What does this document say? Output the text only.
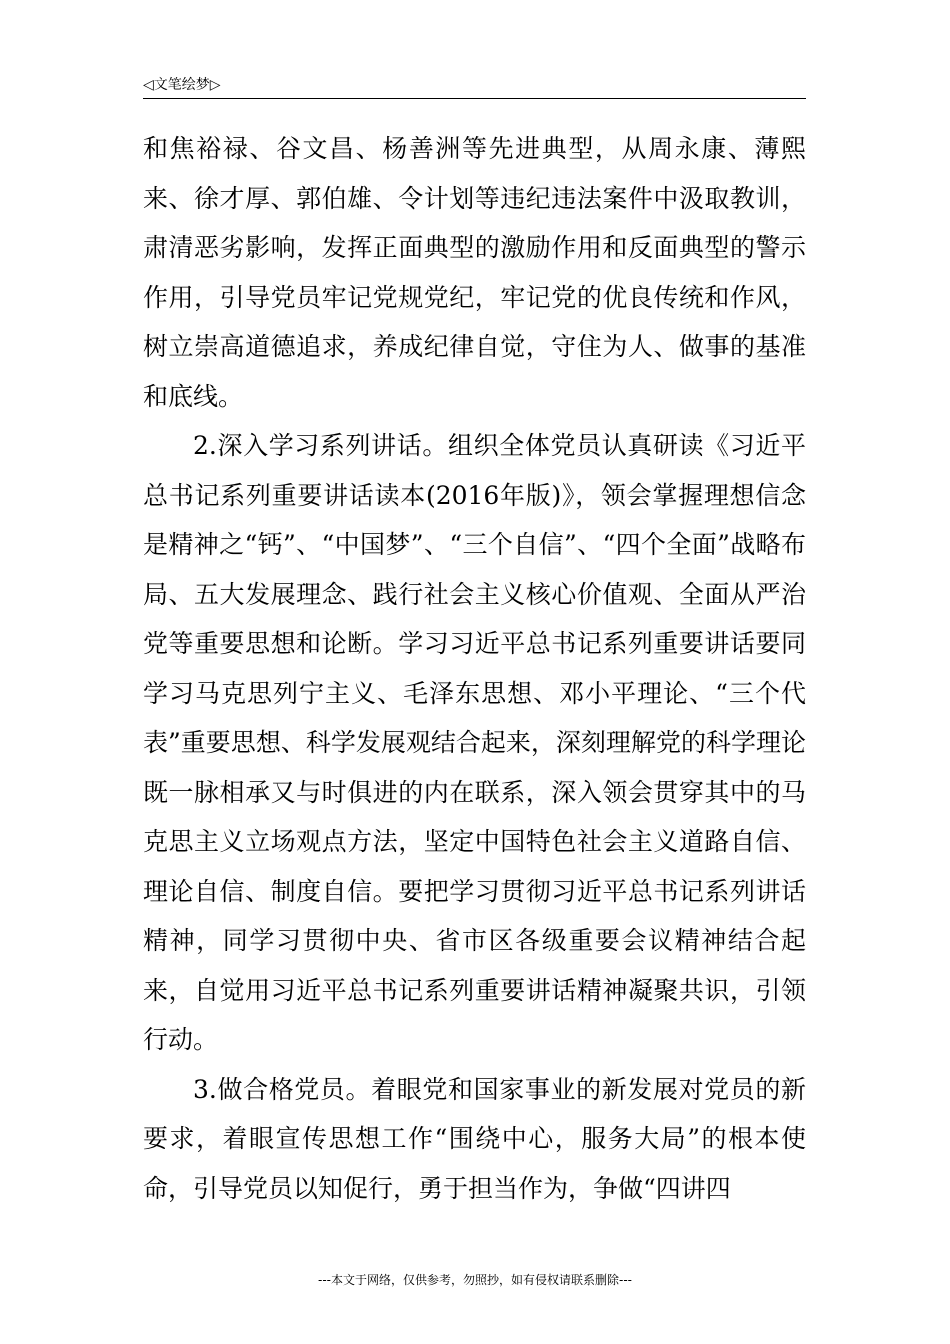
◁文笔绘梦▷

和焦裕禄、谷文昌、杨善洲等先进典型，从周永康、薄熙来、徐才厚、郭伯雄、令计划等违纪违法案件中汲取教训，肃清恶劣影响，发挥正面典型的激励作用和反面典型的警示作用，引导党员牢记党规党纪，牢记党的优良传统和作风，树立崇高道德追求，养成纪律自觉，守住为人、做事的基准和底线。

2.深入学习系列讲话。组织全体党员认真研读《习近平总书记系列重要讲话读本(2016年版)》，领会掌握理想信念是精神之“钙”、“中国梦”、“三个自信”、“四个全面”战略布局、五大发展理念、践行社会主义核心价值观、全面从严治党等重要思想和论断。学习习近平总书记系列重要讲话要同学习马克思列宁主义、毛泽东思想、邓小平理论、“三个代表”重要思想、科学发展观结合起来，深刻理解党的科学理论既一脉相承又与时俱进的内在联系，深入领会贯穿其中的马克思主义立场观点方法，坚定中国特色社会主义道路自信、理论自信、制度自信。要把学习贯彻习近平总书记系列讲话精神，同学习贯彻中央、省市区各级重要会议精神结合起来，自觉用习近平总书记系列重要讲话精神凝聚共识，引领行动。

3.做合格党员。着眼党和国家事业的新发展对党员的新要求，着眼宣传思想工作“围绕中心，服务大局”的根本使命，引导党员以知促行，勇于担当作为，争做“四讲四

---本文于网络，仅供参考，勿照抄，如有侵权请联系删除---
